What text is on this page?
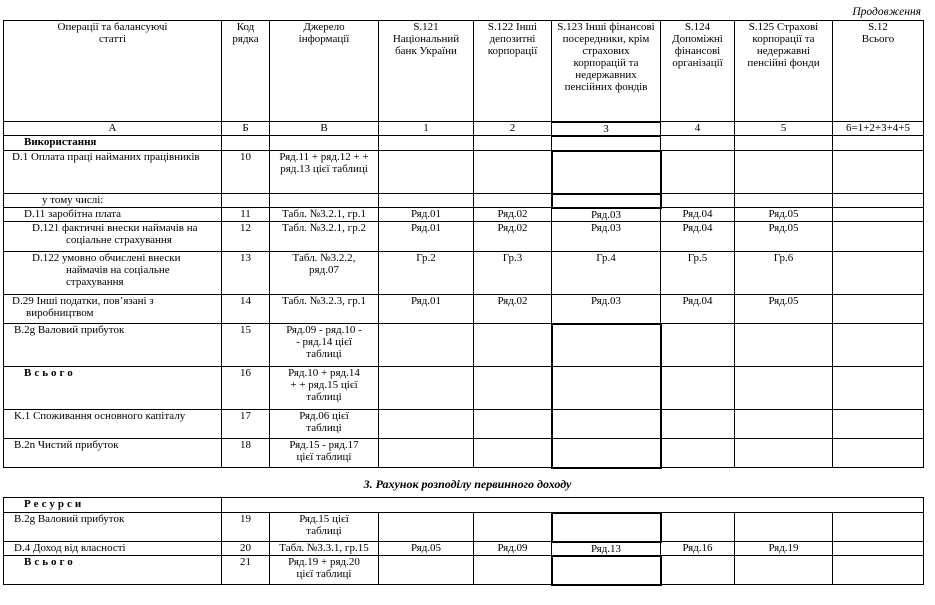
Продовження
Операції та балансуючі статті	Код рядка	Джерело інформації	S.121 Національний банк України	S.122 Інші депозитні корпорації	S.123 Інші фінансові посередники, крім страхових корпорацій та недержавних пенсійних фондів	S.124 Допоміжні фінансові організації	S.125 Страхові корпорації та недержавні пенсійні фонди	S.12 Всього
А	Б	В	1	2	3	4	5	6=1+2+3+4+5
Використання								
D.1 Оплата праці найманих працівників	10	Ряд.11 + ряд.12 + + ряд.13 цієї таблиці						
у тому числі:								
D.11 заробітна плата	11	Табл. №3.2.1, гр.1	Ряд.01	Ряд.02	Ряд.03	Ряд.04	Ряд.05	
D.121 фактичні внески наймачів на соціальне страхування	12	Табл. №3.2.1, гр.2	Ряд.01	Ряд.02	Ряд.03	Ряд.04	Ряд.05	
D.122 умовно обчислені внески наймачів на соціальне страхування	13	Табл. №3.2.2, ряд.07	Гр.2	Гр.3	Гр.4	Гр.5	Гр.6	
D.29 Інші податки, пов’язані з виробництвом	14	Табл. №3.2.3, гр.1	Ряд.01	Ряд.02	Ряд.03	Ряд.04	Ряд.05	
B.2g Валовий прибуток	15	Ряд.09 - ряд.10 - - ряд.14 цієї таблиці						
Всього	16	Ряд.10 + ряд.14 + + ряд.15 цієї таблиці						
K.1 Споживання основного капіталу	17	Ряд.06 цієї таблиці						
B.2n Чистий прибуток	18	Ряд.15 - ряд.17 цієї таблиці						
3. Рахунок розподілу первинного доходу
Ресурси								
B.2g Валовий прибуток	19	Ряд.15 цієї таблиці						
D.4 Доход від власності	20	Табл. №3.3.1, гр.15	Ряд.05	Ряд.09	Ряд.13	Ряд.16	Ряд.19	
Всього	21	Ряд.19 + ряд.20 цієї таблиці						
